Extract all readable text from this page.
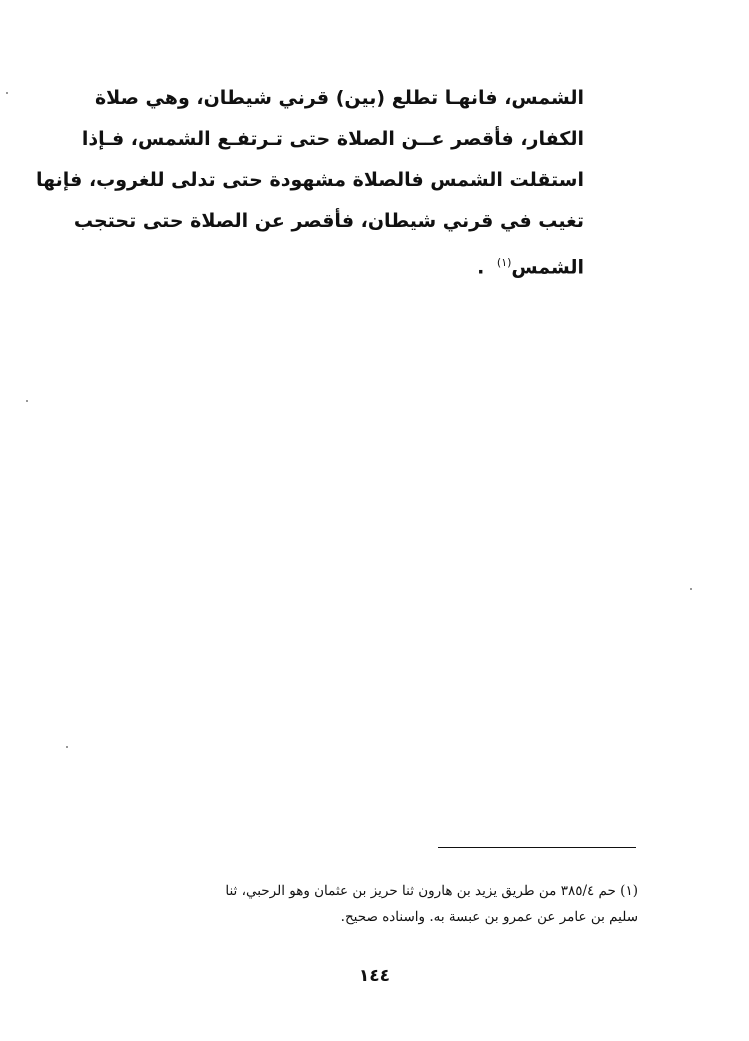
الشمس، فانهـا تطلع (بين) قرني شيطان، وهي صلاة
الكفار، فأقصر عــن الصلاة حتى تـرتفـع الشمس، فـإذا
استقلت الشمس فالصلاة مشهودة حتى تدلى للغروب، فإنها
تغيب في قرني شيطان، فأقصر عن الصلاة حتى تحتجب
الشمس$^{(١)}$ .
(١) حم ٣٨٥/٤ من طريق يزيد بن هارون ثنا حريز بن عثمان وهو الرحبي، ثنا
سليم بن عامر عن عمرو بن عبسة به. واسناده صحيح.
١٤٤
